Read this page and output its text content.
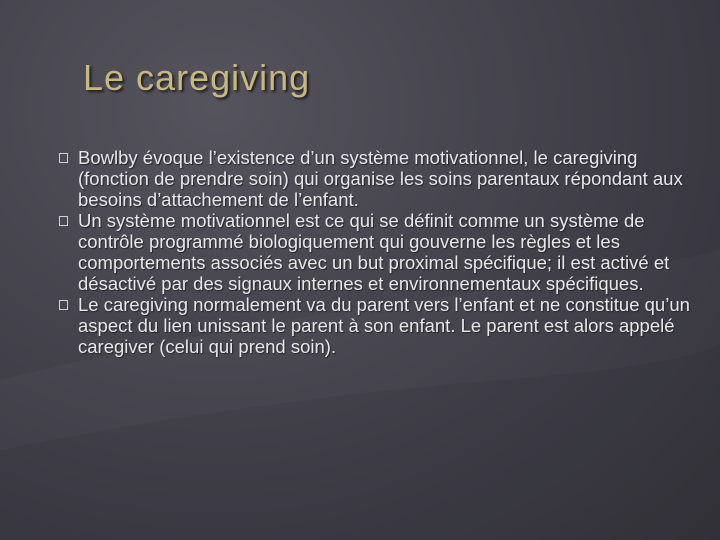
Le caregiving
Bowlby évoque l’existence d’un système motivationnel, le caregiving (fonction de prendre soin) qui organise les soins parentaux répondant aux besoins d’attachement de l’enfant.
Un système motivationnel est ce qui se définit comme un système de contrôle programmé biologiquement qui gouverne les règles et les comportements associés avec un but proximal spécifique; il est activé et désactivé par des signaux internes et environnementaux spécifiques.
Le caregiving normalement va du parent vers l’enfant et ne constitue qu’un aspect du lien unissant le parent à son enfant. Le parent est alors appelé caregiver (celui qui prend soin).
